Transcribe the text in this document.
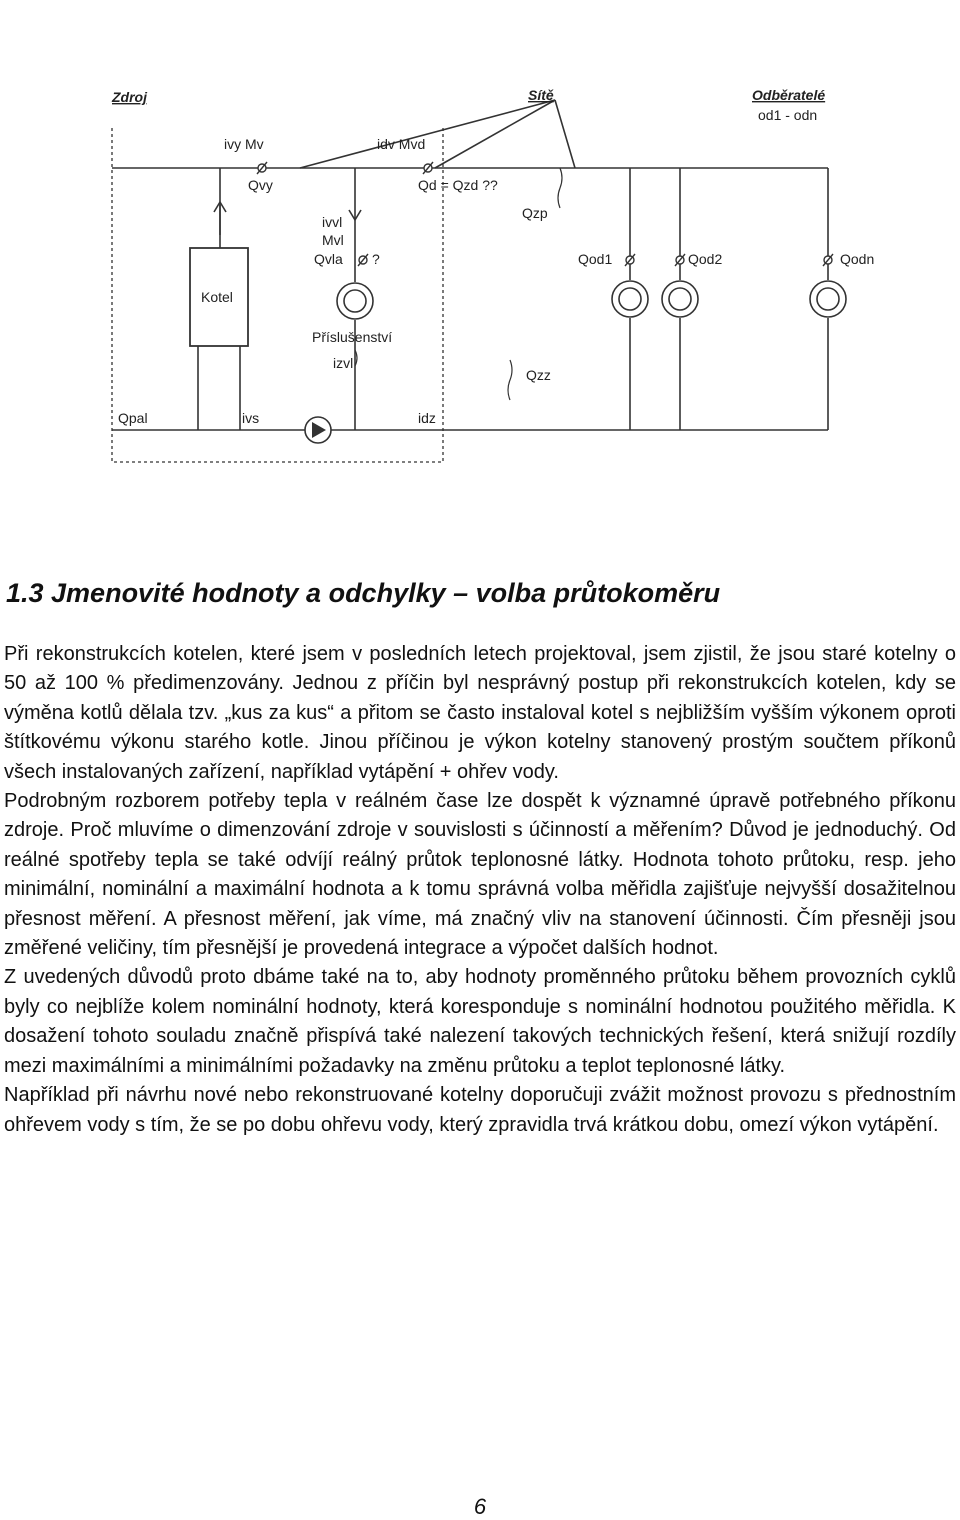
Zdroj	Sítě	Odběratelé
od1 - odn
ivy Mv
Qvy
idv Mvd
Qd = Qzd ??
Qzp
ivvl
Mvl
Qvla ?	Qod1	Qod2	Qodn
Kotel
Příslušenství
izvl
Qzz
Qpal	ivs	idz
1.3 Jmenovité hodnoty a odchylky – volba průtokoměru

Při rekonstrukcích kotelen, které jsem v posledních letech projektoval, jsem zjistil, že jsou staré kotelny o 50 až 100 % předimenzovány. Jednou z příčin byl nesprávný postup při rekonstrukcích kotelen, kdy se výměna kotlů dělala tzv. „kus za kus“ a přitom se často instaloval kotel s nejbližším vyšším výkonem oproti štítkovému výkonu starého kotle. Jinou příčinou je výkon kotelny stanovený prostým součtem příkonů všech instalovaných zařízení, například vytápění + ohřev vody.

Podrobným rozborem potřeby tepla v reálném čase lze dospět k významné úpravě potřebného příkonu zdroje. Proč mluvíme o dimenzování zdroje v souvislosti s účinností a měřením? Důvod je jednoduchý. Od reálné spotřeby tepla se také odvíjí reálný průtok teplonosné látky. Hodnota tohoto průtoku, resp. jeho minimální, nominální a maximální hodnota a k tomu správná volba měřidla zajišťuje nejvyšší dosažitelnou přesnost měření. A přesnost měření, jak víme, má značný vliv na stanovení účinnosti. Čím přesněji jsou změřené veličiny, tím přesnější je provedená integrace a výpočet dalších hodnot.

Z uvedených důvodů proto dbáme také na to, aby hodnoty proměnného průtoku během provozních cyklů byly co nejblíže kolem nominální hodnoty, která koresponduje s nominální hodnotou použitého měřidla. K dosažení tohoto souladu značně přispívá také nalezení takových technických řešení, která snižují rozdíly mezi maximálními a minimálními požadavky na změnu průtoku a teplot teplonosné látky.

Například při návrhu nové nebo rekonstruované kotelny doporučuji zvážit možnost provozu s přednostním ohřevem vody s tím, že se po dobu ohřevu vody, který zpravidla trvá krátkou dobu, omezí výkon vytápění.

6
